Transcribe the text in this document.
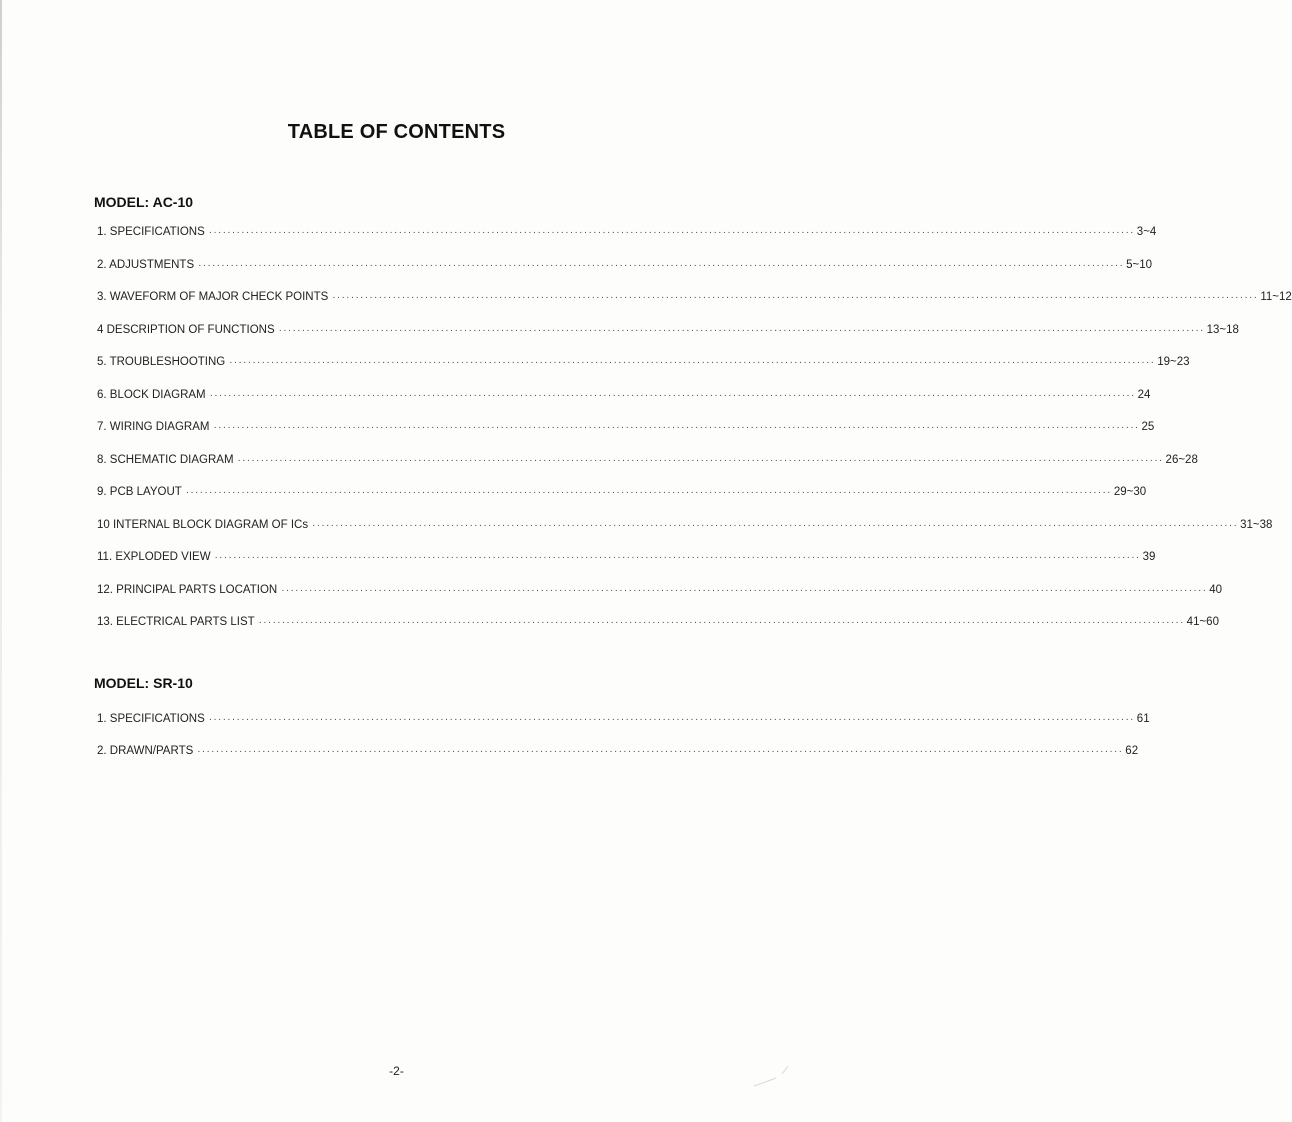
TABLE OF CONTENTS
MODEL: AC-10
1. SPECIFICATIONS ········································································································································································································ 3~4
2. ADJUSTMENTS ········································································································································································································ 5~10
3. WAVEFORM OF MAJOR CHECK POINTS ········································································································································································································ 11~12
4 DESCRIPTION OF FUNCTIONS ········································································································································································································ 13~18
5. TROUBLESHOOTING ········································································································································································································ 19~23
6. BLOCK DIAGRAM ········································································································································································································ 24
7. WIRING DIAGRAM ········································································································································································································ 25
8. SCHEMATIC DIAGRAM ········································································································································································································ 26~28
9. PCB LAYOUT ········································································································································································································ 29~30
10 INTERNAL BLOCK DIAGRAM OF ICs ········································································································································································································ 31~38
11. EXPLODED VIEW ········································································································································································································ 39
12. PRINCIPAL PARTS LOCATION ········································································································································································································ 40
13. ELECTRICAL PARTS LIST ········································································································································································································ 41~60
MODEL: SR-10
1. SPECIFICATIONS ········································································································································································································ 61
2. DRAWN/PARTS ········································································································································································································ 62
-2-
